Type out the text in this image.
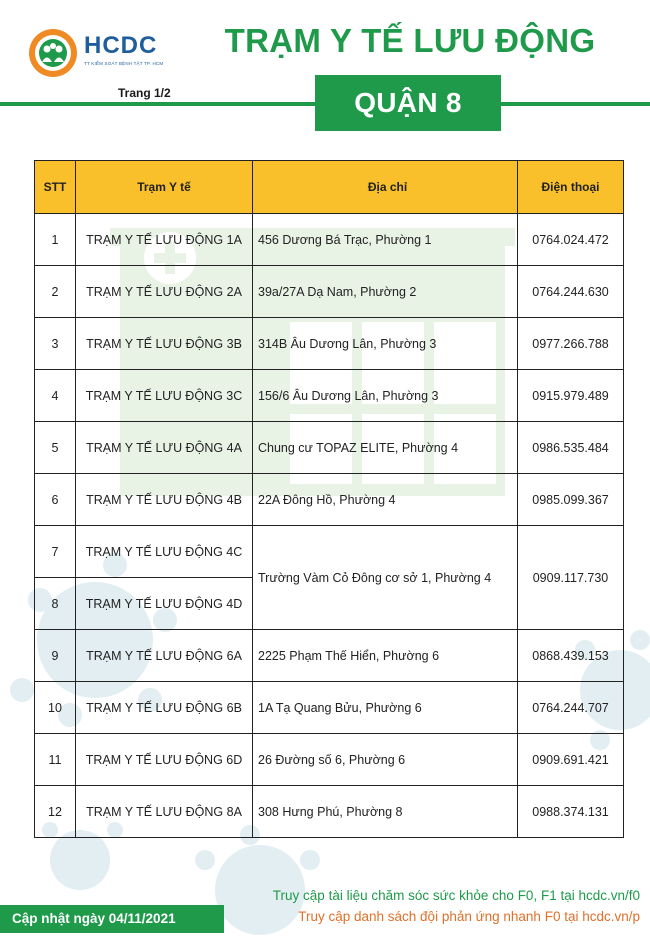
HCDC
TT KIỂM SOÁT BỆNH TẬT TP. HCM
Trang 1/2
TRẠM Y TẾ LƯU ĐỘNG
QUẬN 8
STT	Trạm Y tế	Địa chỉ	Điện thoại
1	TRẠM Y TẾ LƯU ĐỘNG 1A	456 Dương Bá Trạc, Phường 1	0764.024.472
2	TRẠM Y TẾ LƯU ĐỘNG 2A	39a/27A Dạ Nam, Phường 2	0764.244.630
3	TRẠM Y TẾ LƯU ĐỘNG 3B	314B Âu Dương Lân, Phường 3	0977.266.788
4	TRẠM Y TẾ LƯU ĐỘNG 3C	156/6 Âu Dương Lân, Phường 3	0915.979.489
5	TRẠM Y TẾ LƯU ĐỘNG 4A	Chung cư TOPAZ ELITE, Phường 4	0986.535.484
6	TRẠM Y TẾ LƯU ĐỘNG 4B	22A Đông Hồ, Phường 4	0985.099.367
7	TRẠM Y TẾ LƯU ĐỘNG 4C	Trường Vàm Cỏ Đông cơ sở 1, Phường 4	0909.117.730
8	TRẠM Y TẾ LƯU ĐỘNG 4D		
9	TRẠM Y TẾ LƯU ĐỘNG 6A	2225 Phạm Thế Hiển, Phường 6	0868.439.153
10	TRẠM Y TẾ LƯU ĐỘNG 6B	1A Tạ Quang Bửu, Phường 6	0764.244.707
11	TRẠM Y TẾ LƯU ĐỘNG 6D	26 Đường số 6, Phường 6	0909.691.421
12	TRẠM Y TẾ LƯU ĐỘNG 8A	308 Hưng Phú, Phường 8	0988.374.131
Truy cập tài liệu chăm sóc sức khỏe cho F0, F1 tại hcdc.vn/f0
Truy cập danh sách đội phản ứng nhanh F0 tại hcdc.vn/p
Cập nhật ngày 04/11/2021
